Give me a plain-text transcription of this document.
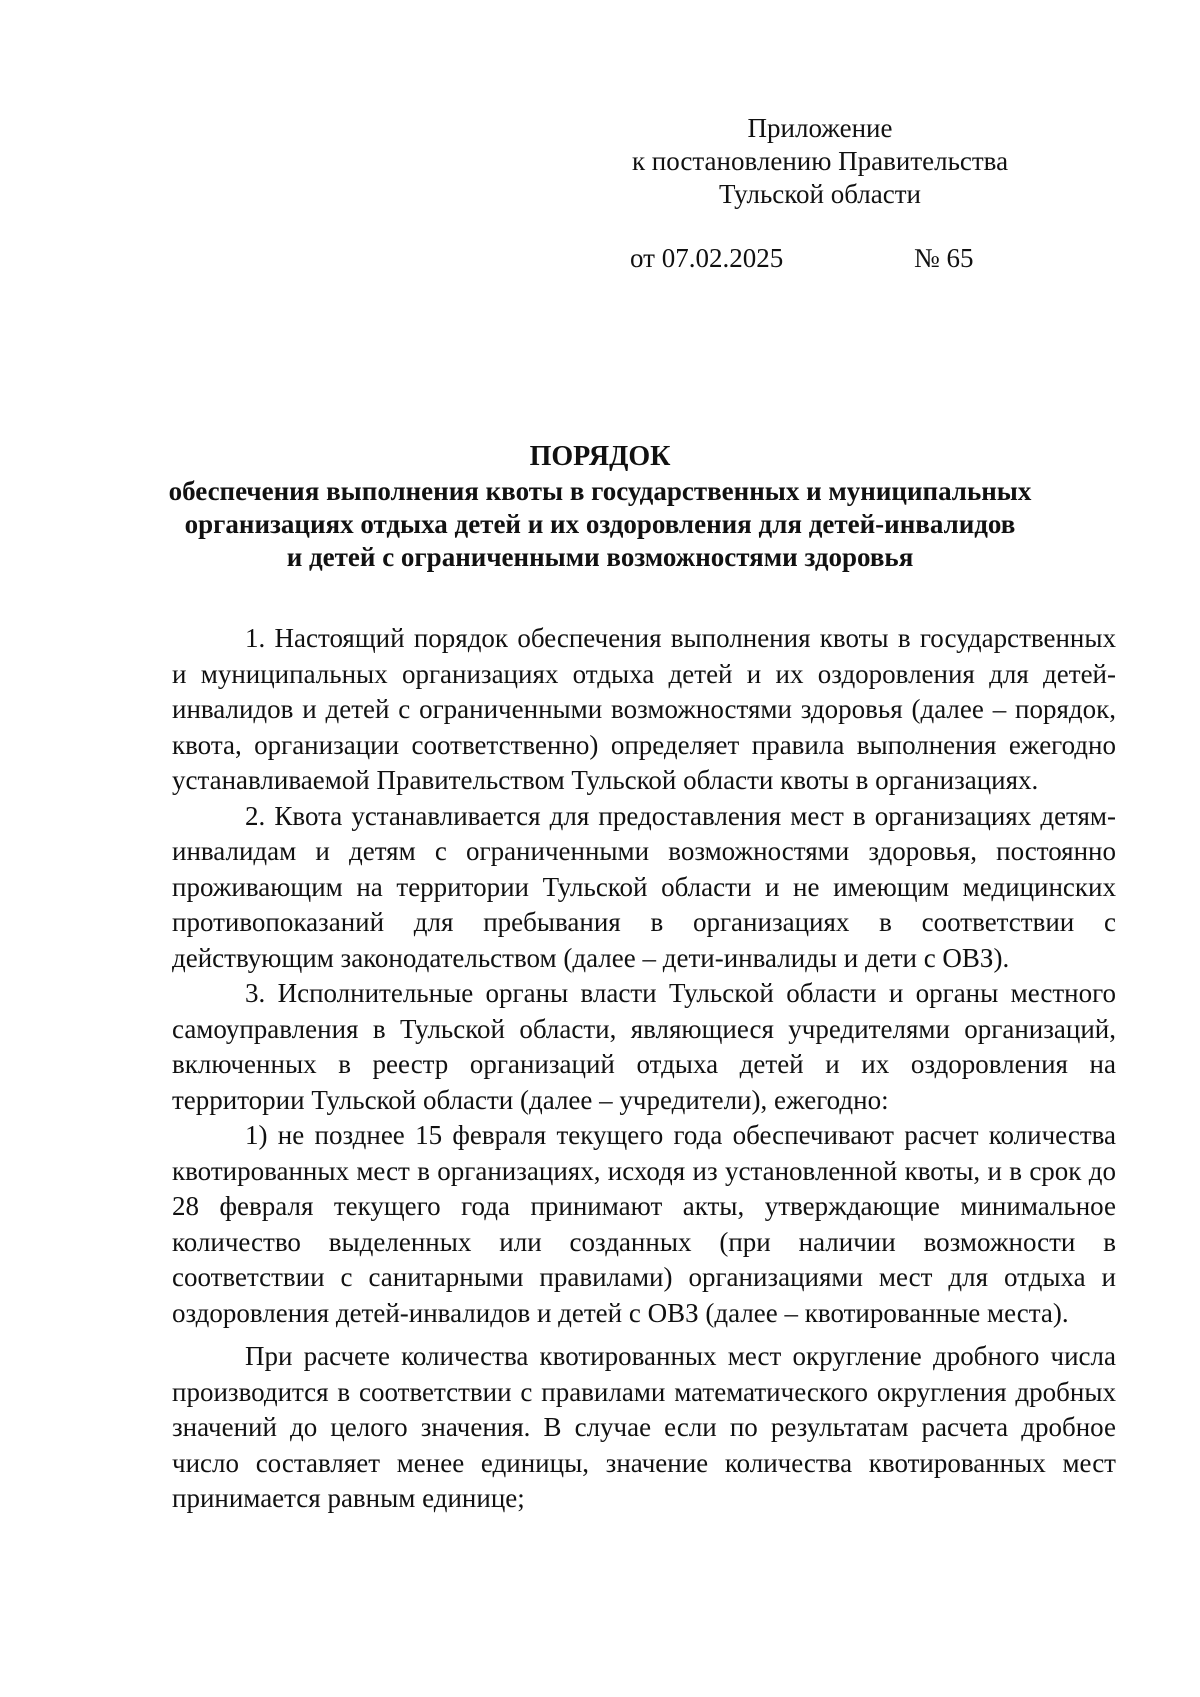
Приложение
к постановлению Правительства
Тульской области
от 07.02.2025	№ 65
ПОРЯДОК
обеспечения выполнения квоты в государственных и муниципальных
организациях отдыха детей и их оздоровления для детей-инвалидов
и детей с ограниченными возможностями здоровья

1. Настоящий порядок обеспечения выполнения квоты в государственных и муниципальных организациях отдыха детей и их оздоровления для детей-инвалидов и детей с ограниченными возможностями здоровья (далее – порядок, квота, организации соответственно) определяет правила выполнения ежегодно устанавливаемой Правительством Тульской области квоты в организациях.

2. Квота устанавливается для предоставления мест в организациях детям-инвалидам и детям с ограниченными возможностями здоровья, постоянно проживающим на территории Тульской области и не имеющим медицинских противопоказаний для пребывания в организациях в соответствии с действующим законодательством (далее – дети-инвалиды и дети с ОВЗ).

3. Исполнительные органы власти Тульской области и органы местного самоуправления в Тульской области, являющиеся учредителями организаций, включенных в реестр организаций отдыха детей и их оздоровления на территории Тульской области (далее – учредители), ежегодно:

1) не позднее 15 февраля текущего года обеспечивают расчет количества квотированных мест в организациях, исходя из установленной квоты, и в срок до 28 февраля текущего года принимают акты, утверждающие минимальное количество выделенных или созданных (при наличии возможности в соответствии с санитарными правилами) организациями мест для отдыха и оздоровления детей-инвалидов и детей с ОВЗ (далее – квотированные места).

При расчете количества квотированных мест округление дробного числа производится в соответствии с правилами математического округления дробных значений до целого значения. В случае если по результатам расчета дробное число составляет менее единицы, значение количества квотированных мест принимается равным единице;
